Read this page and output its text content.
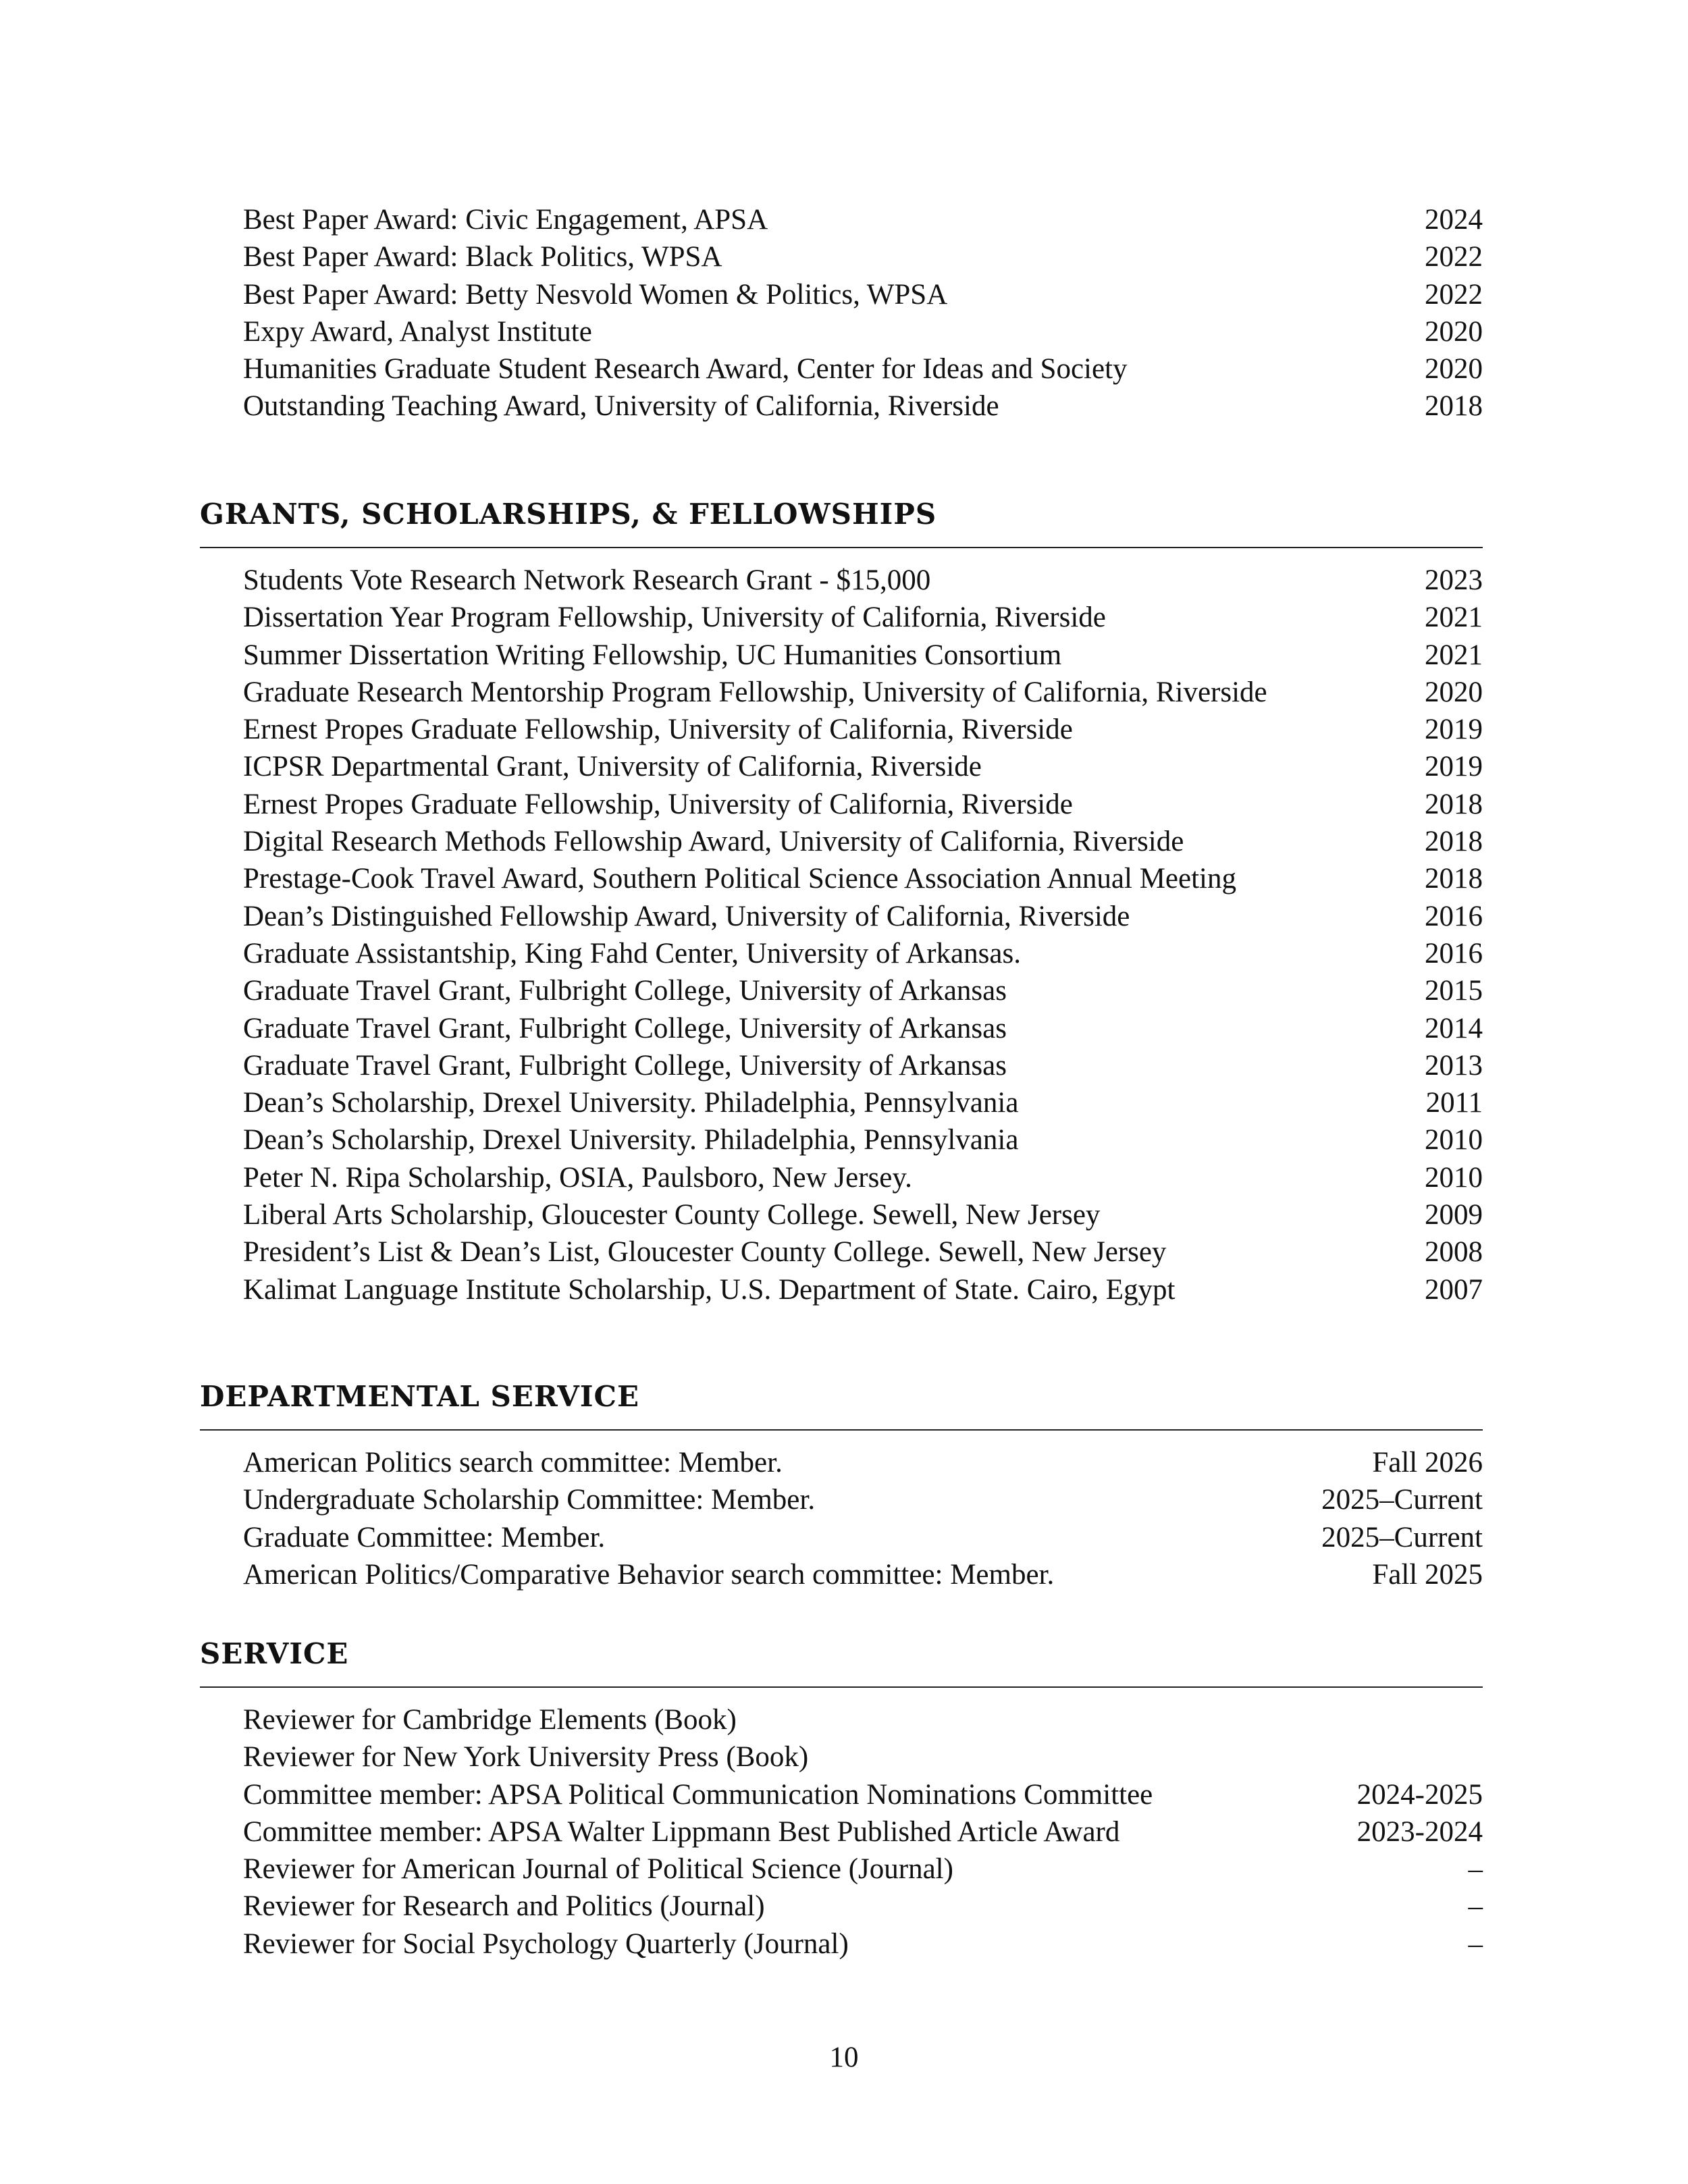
Best Paper Award: Civic Engagement, APSA	2024
Best Paper Award: Black Politics, WPSA	2022
Best Paper Award: Betty Nesvold Women & Politics, WPSA	2022
Expy Award, Analyst Institute	2020
Humanities Graduate Student Research Award, Center for Ideas and Society	2020
Outstanding Teaching Award, University of California, Riverside	2018
GRANTS, SCHOLARSHIPS, & FELLOWSHIPS
Students Vote Research Network Research Grant - $15,000	2023
Dissertation Year Program Fellowship, University of California, Riverside	2021
Summer Dissertation Writing Fellowship, UC Humanities Consortium	2021
Graduate Research Mentorship Program Fellowship, University of California, Riverside	2020
Ernest Propes Graduate Fellowship, University of California, Riverside	2019
ICPSR Departmental Grant, University of California, Riverside	2019
Ernest Propes Graduate Fellowship, University of California, Riverside	2018
Digital Research Methods Fellowship Award, University of California, Riverside	2018
Prestage-Cook Travel Award, Southern Political Science Association Annual Meeting	2018
Dean’s Distinguished Fellowship Award, University of California, Riverside	2016
Graduate Assistantship, King Fahd Center, University of Arkansas.	2016
Graduate Travel Grant, Fulbright College, University of Arkansas	2015
Graduate Travel Grant, Fulbright College, University of Arkansas	2014
Graduate Travel Grant, Fulbright College, University of Arkansas	2013
Dean’s Scholarship, Drexel University. Philadelphia, Pennsylvania	2011
Dean’s Scholarship, Drexel University. Philadelphia, Pennsylvania	2010
Peter N. Ripa Scholarship, OSIA, Paulsboro, New Jersey.	2010
Liberal Arts Scholarship, Gloucester County College. Sewell, New Jersey	2009
President’s List & Dean’s List, Gloucester County College. Sewell, New Jersey	2008
Kalimat Language Institute Scholarship, U.S. Department of State. Cairo, Egypt	2007
DEPARTMENTAL SERVICE
American Politics search committee: Member.	Fall 2026
Undergraduate Scholarship Committee: Member.	2025–Current
Graduate Committee: Member.	2025–Current
American Politics/Comparative Behavior search committee: Member.	Fall 2025
SERVICE
Reviewer for Cambridge Elements (Book)
Reviewer for New York University Press (Book)
Committee member: APSA Political Communication Nominations Committee	2024-2025
Committee member: APSA Walter Lippmann Best Published Article Award	2023-2024
Reviewer for American Journal of Political Science (Journal)	–
Reviewer for Research and Politics (Journal)	–
Reviewer for Social Psychology Quarterly (Journal)	–
10
